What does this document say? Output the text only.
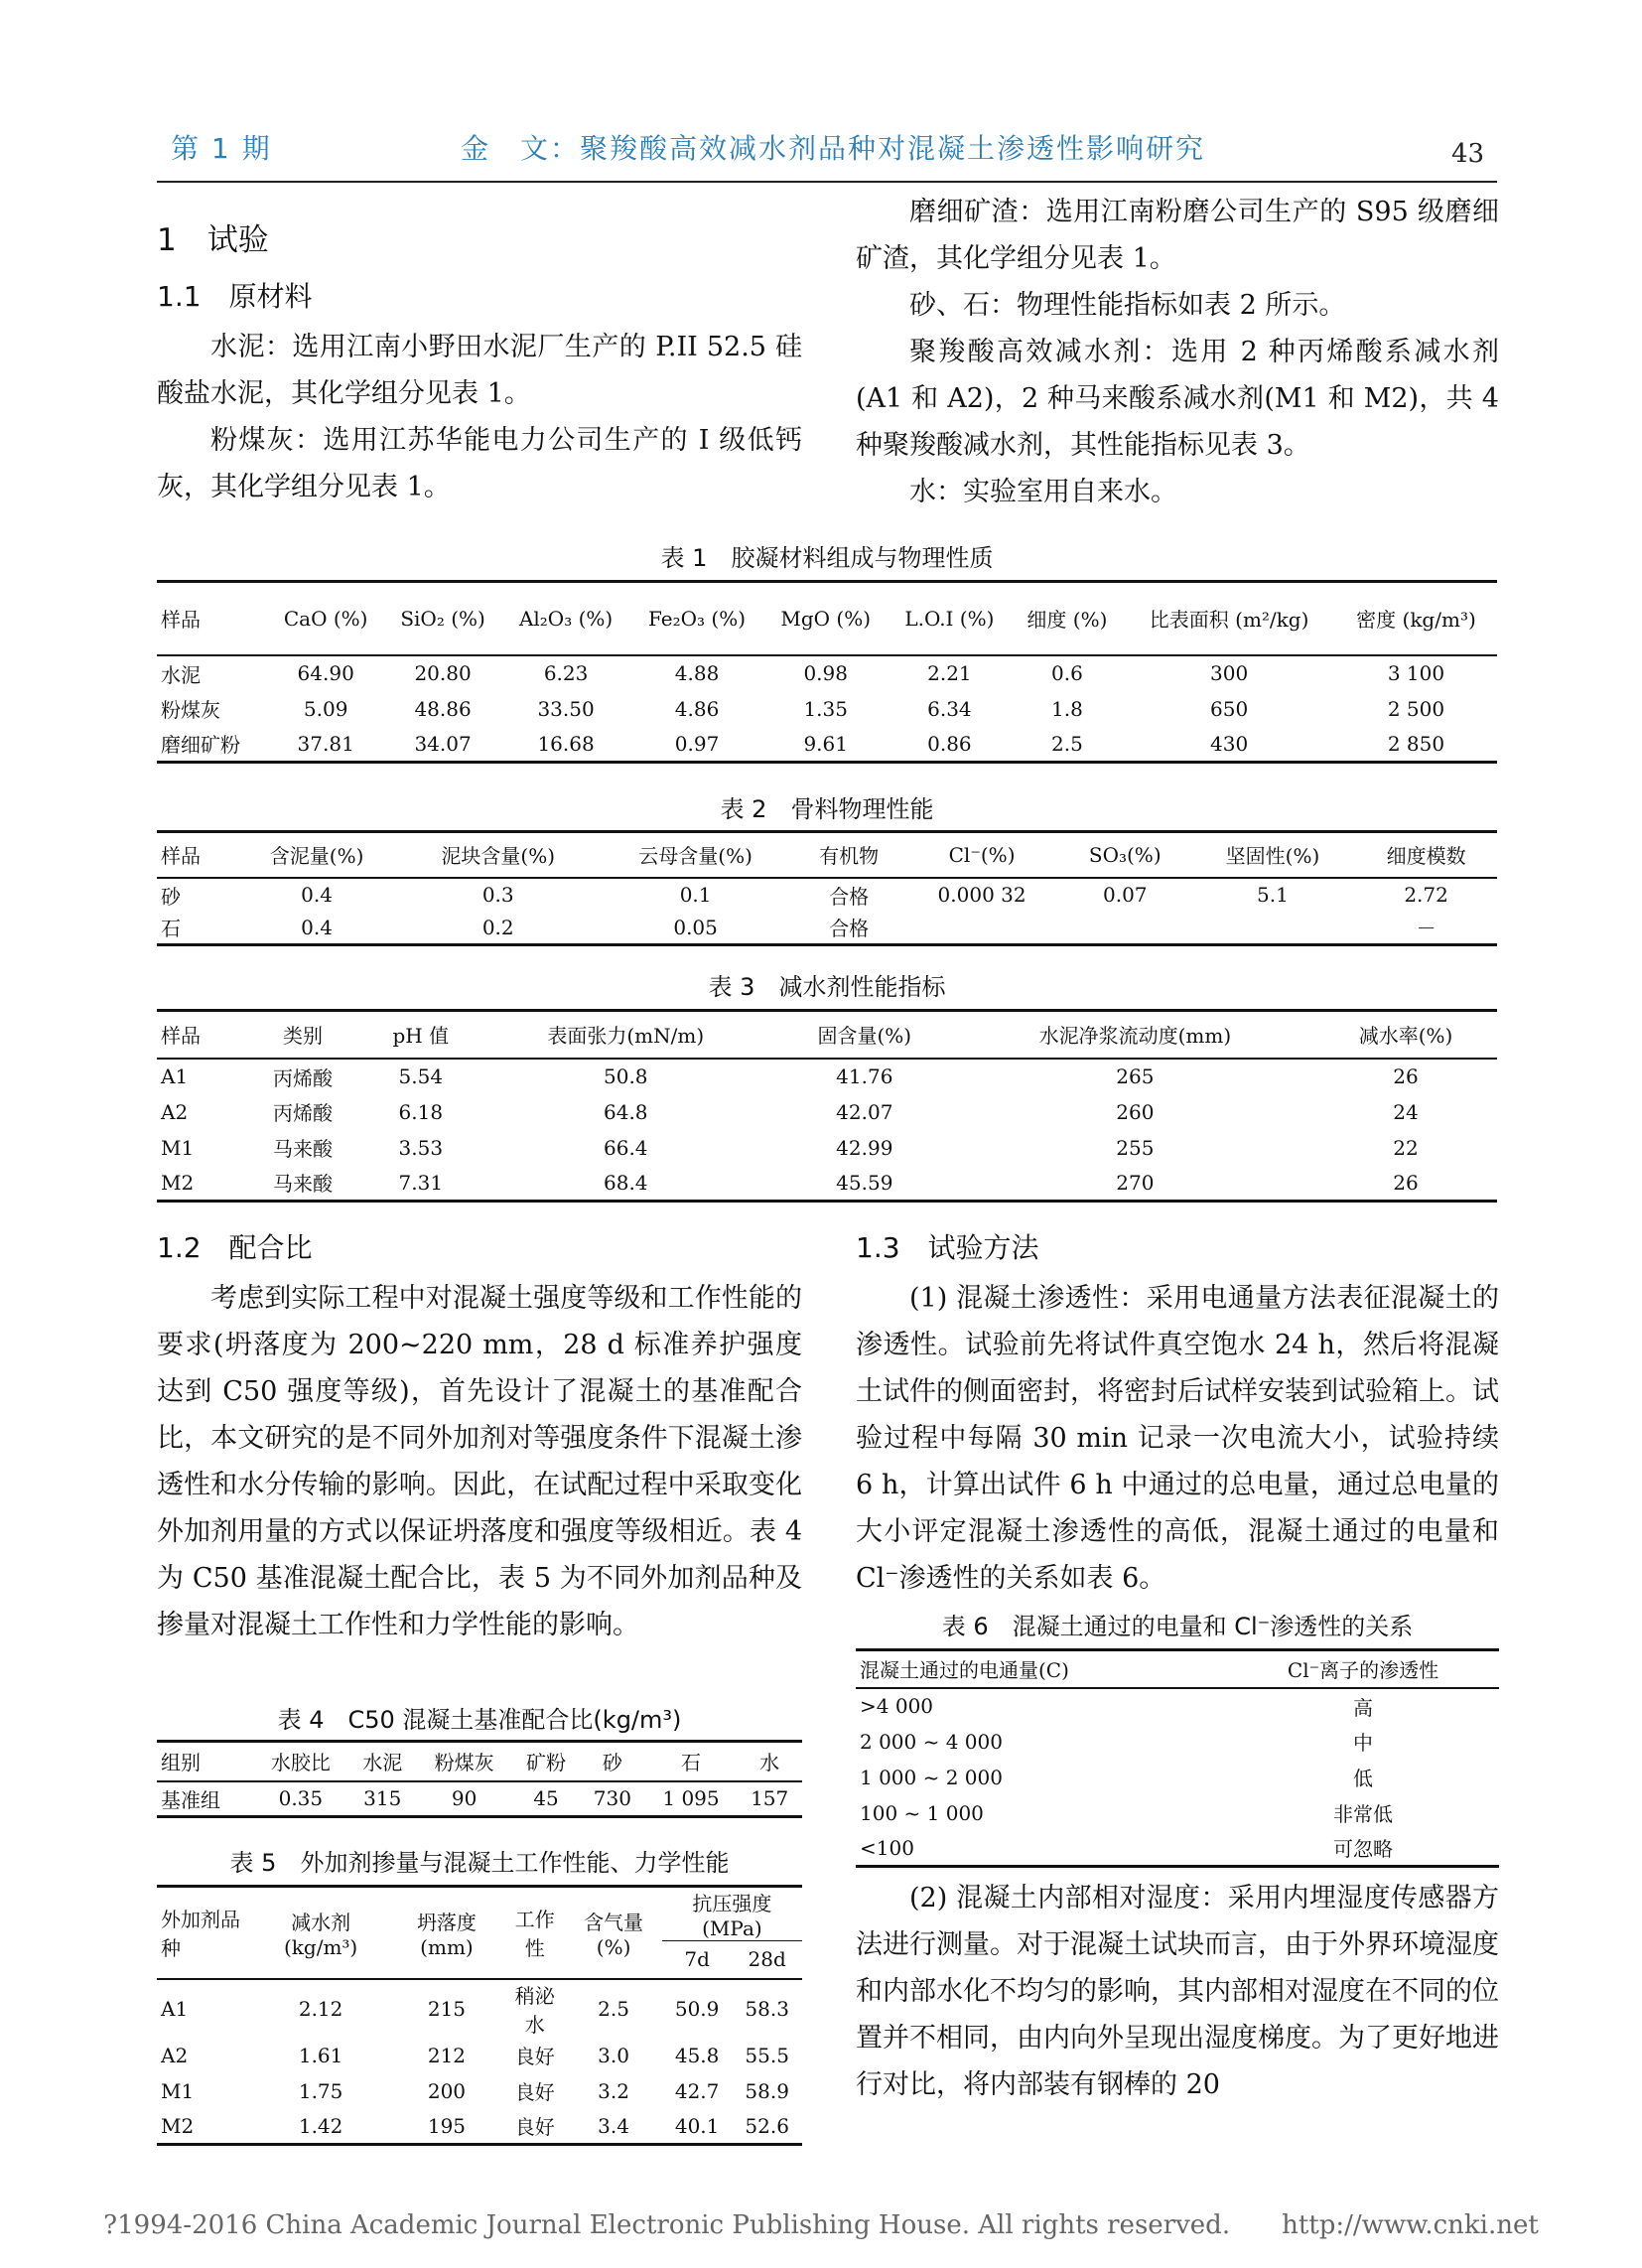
第 1 期	金　文：聚羧酸高效减水剂品种对混凝土渗透性影响研究	43

1　试验

1.1　原材料

水泥：选用江南小野田水泥厂生产的 P.II 52.5 硅酸盐水泥，其化学组分见表 1。

粉煤灰：选用江苏华能电力公司生产的 I 级低钙灰，其化学组分见表 1。

磨细矿渣：选用江南粉磨公司生产的 S95 级磨细矿渣，其化学组分见表 1。

砂、石：物理性能指标如表 2 所示。

聚羧酸高效减水剂：选用 2 种丙烯酸系减水剂(A1 和 A2)，2 种马来酸系减水剂(M1 和 M2)，共 4 种聚羧酸减水剂，其性能指标见表 3。

水：实验室用自来水。

表 1　胶凝材料组成与物理性质
样品	CaO (%)	SiO₂ (%)	Al₂O₃ (%)	Fe₂O₃ (%)	MgO (%)	L.O.I (%)	细度 (%)	比表面积 (m²/kg)	密度 (kg/m³)
水泥	64.90	20.80	6.23	4.88	0.98	2.21	0.6	300	3 100
粉煤灰	5.09	48.86	33.50	4.86	1.35	6.34	1.8	650	2 500
磨细矿粉	37.81	34.07	16.68	0.97	9.61	0.86	2.5	430	2 850
表 2　骨料物理性能
样品	含泥量(%)	泥块含量(%)	云母含量(%)	有机物	Cl⁻(%)	SO₃(%)	坚固性(%)	细度模数
砂	0.4	0.3	0.1	合格	0.000 32	0.07	5.1	2.72
石	0.4	0.2	0.05	合格				－
表 3　减水剂性能指标
样品	类别	pH 值	表面张力(mN/m)	固含量(%)	水泥净浆流动度(mm)	减水率(%)
A1	丙烯酸	5.54	50.8	41.76	265	26
A2	丙烯酸	6.18	64.8	42.07	260	24
M1	马来酸	3.53	66.4	42.99	255	22
M2	马来酸	7.31	68.4	45.59	270	26

1.2　配合比

考虑到实际工程中对混凝土强度等级和工作性能的要求(坍落度为 200~220 mm，28 d 标准养护强度达到 C50 强度等级)，首先设计了混凝土的基准配合比，本文研究的是不同外加剂对等强度条件下混凝土渗透性和水分传输的影响。因此，在试配过程中采取变化外加剂用量的方式以保证坍落度和强度等级相近。表 4 为 C50 基准混凝土配合比，表 5 为不同外加剂品种及掺量对混凝土工作性和力学性能的影响。

表 4　C50 混凝土基准配合比(kg/m³)
组别	水胶比	水泥	粉煤灰	矿粉	砂	石	水
基准组	0.35	315	90	45	730	1 095	157
表 5　外加剂掺量与混凝土工作性能、力学性能
外加剂品种	减水剂 (kg/m³)	坍落度 (mm)	工作性	含气量 (%)	抗压强度(MPa)	
					7d	28d
A1	2.12	215	稍泌水	2.5	50.9	58.3
A2	1.61	212	良好	3.0	45.8	55.5
M1	1.75	200	良好	3.2	42.7	58.9
M2	1.42	195	良好	3.4	40.1	52.6

1.3　试验方法

(1) 混凝土渗透性：采用电通量方法表征混凝土的渗透性。试验前先将试件真空饱水 24 h，然后将混凝土试件的侧面密封，将密封后试样安装到试验箱上。试验过程中每隔 30 min 记录一次电流大小，试验持续 6 h，计算出试件 6 h 中通过的总电量，通过总电量的大小评定混凝土渗透性的高低，混凝土通过的电量和 Cl⁻渗透性的关系如表 6。

表 6　混凝土通过的电量和 Cl⁻渗透性的关系
混凝土通过的电通量(C)	Cl⁻离子的渗透性
>4 000	高
2 000 ~ 4 000	中
1 000 ~ 2 000	低
100 ~ 1 000	非常低
<100	可忽略

(2) 混凝土内部相对湿度：采用内埋湿度传感器方法进行测量。对于混凝土试块而言，由于外界环境湿度和内部水化不均匀的影响，其内部相对湿度在不同的位置并不相同，由内向外呈现出湿度梯度。为了更好地进行对比，将内部装有钢棒的 20

?1994-2016 China Academic Journal Electronic Publishing House. All rights reserved.　　http://www.cnki.net
